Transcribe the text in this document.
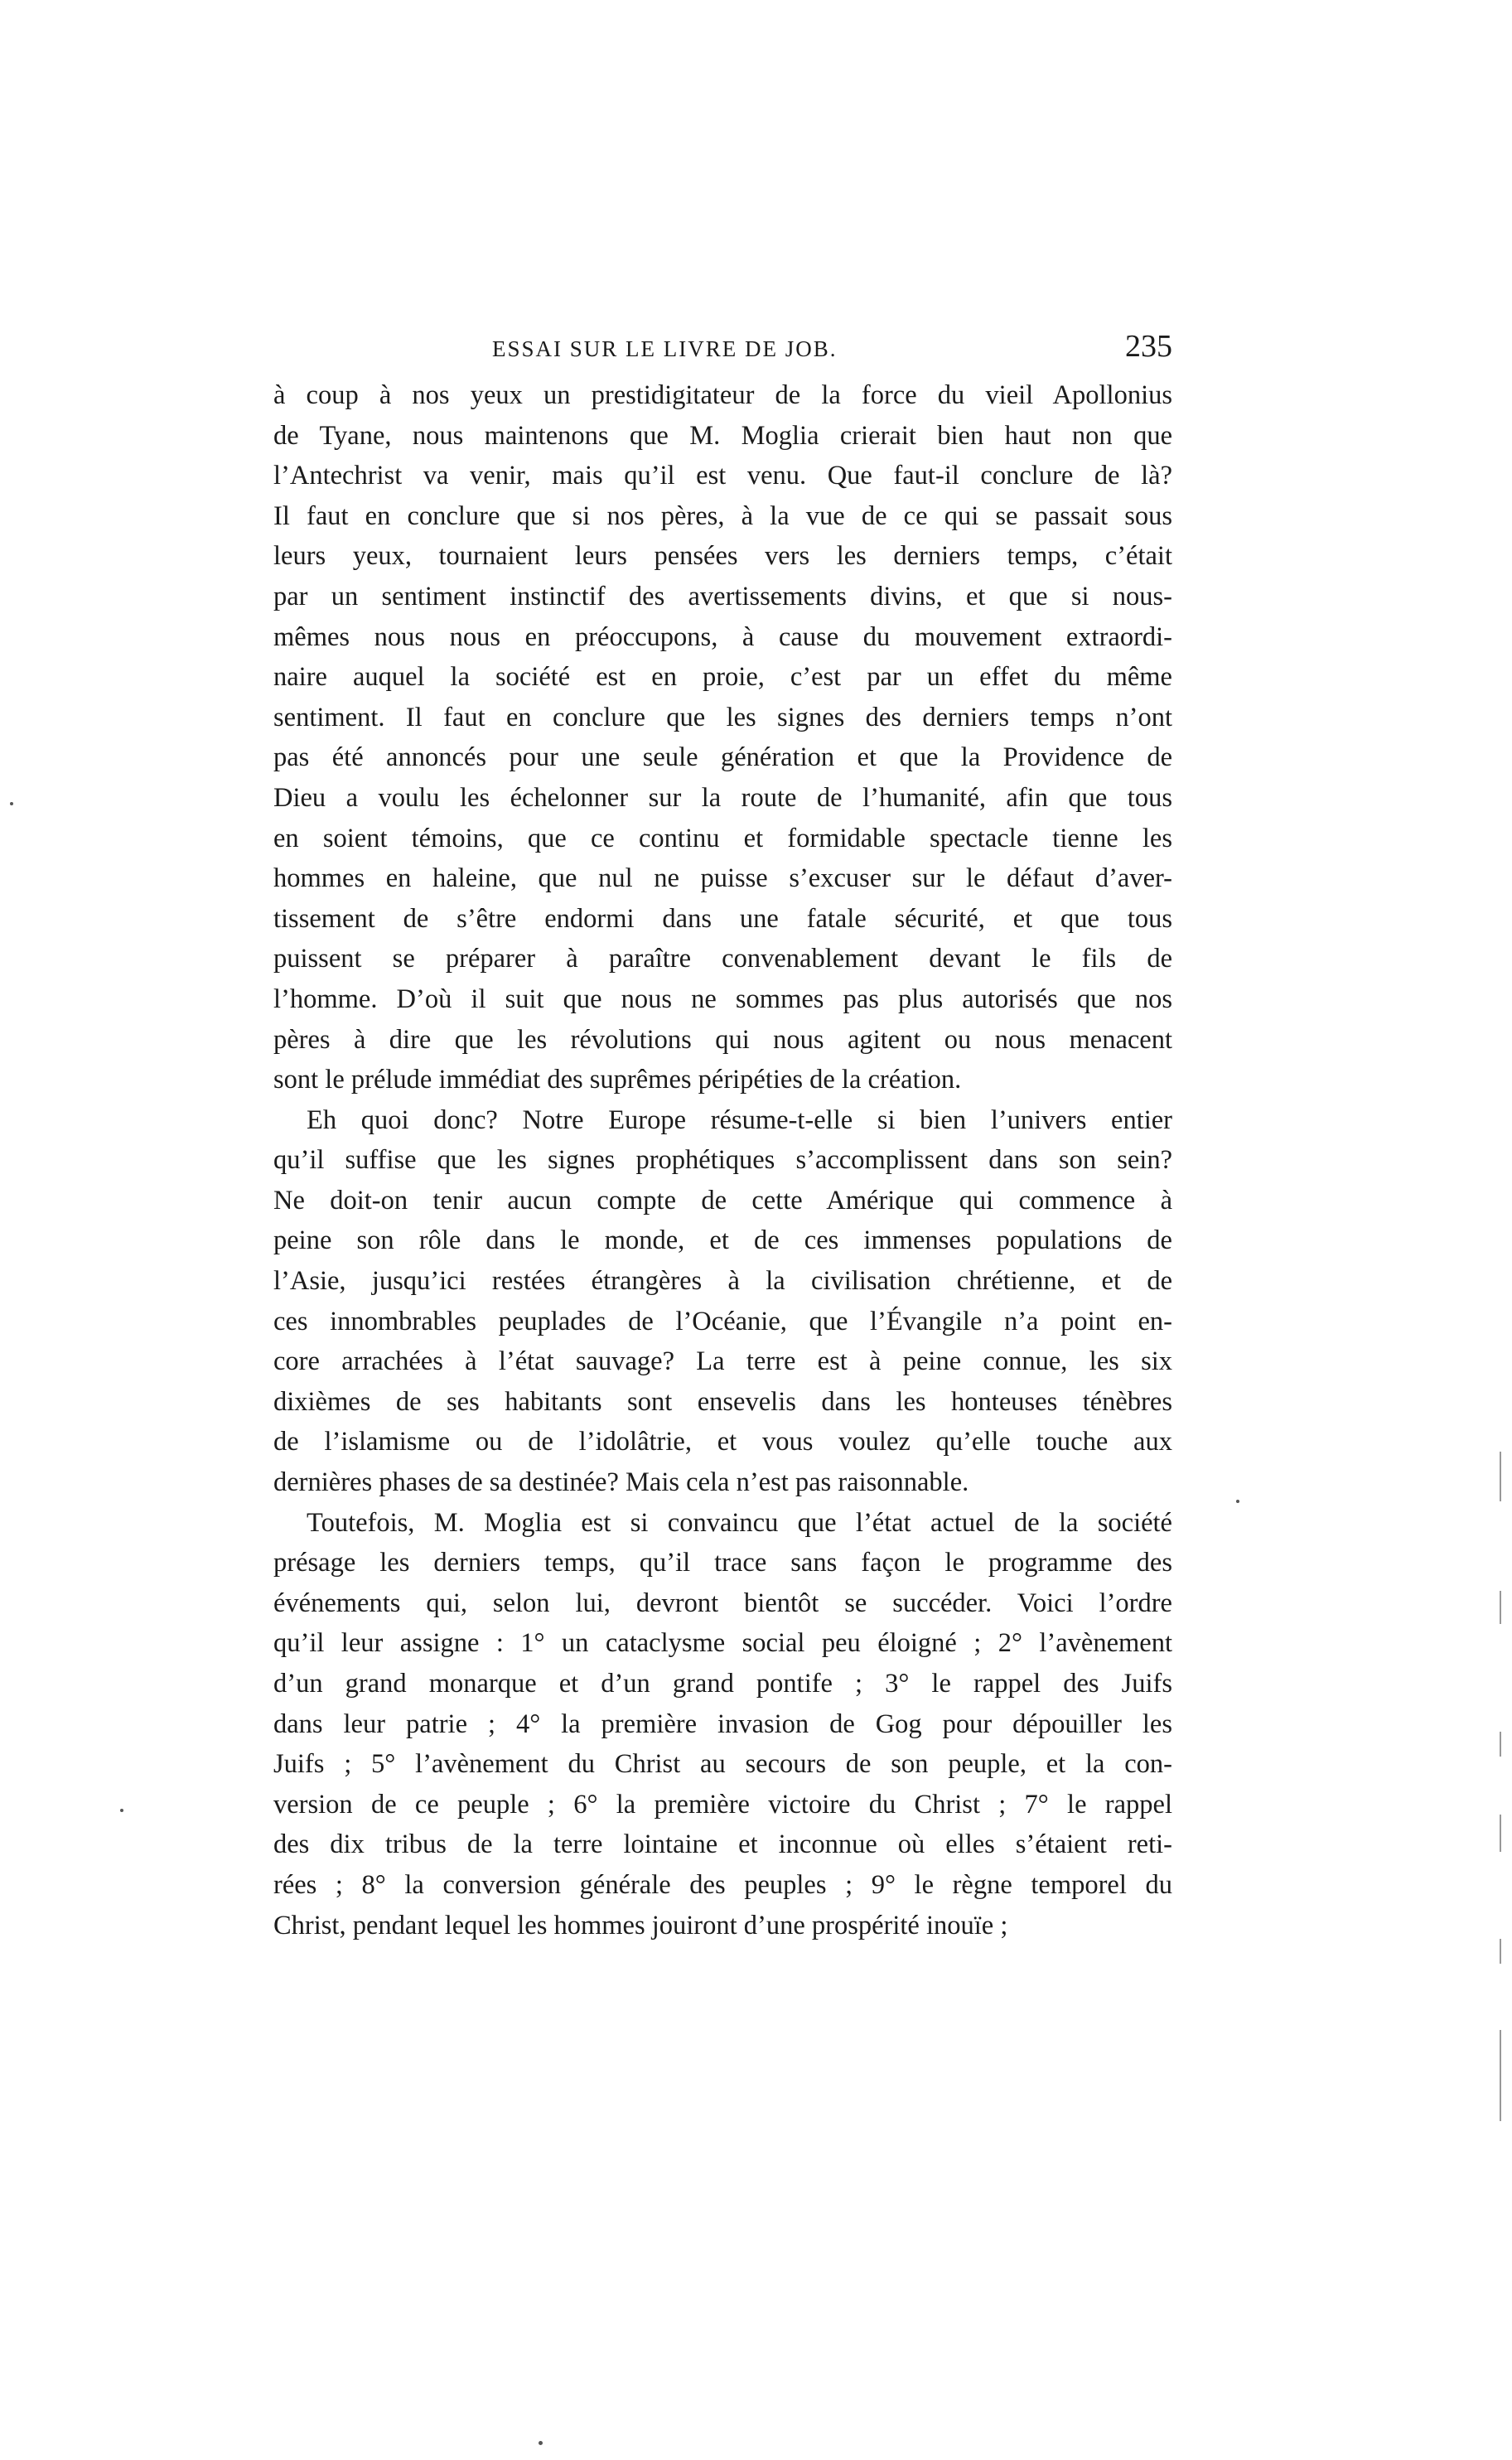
ESSAI SUR LE LIVRE DE JOB.	235
à coup à nos yeux un prestidigitateur de la force du vieil Apollonius
de Tyane, nous maintenons que M. Moglia crierait bien haut non que
l’Antechrist va venir, mais qu’il est venu. Que faut-il conclure de là?
Il faut en conclure que si nos pères, à la vue de ce qui se passait sous
leurs yeux, tournaient leurs pensées vers les derniers temps, c’était
par un sentiment instinctif des avertissements divins, et que si nous-
mêmes nous nous en préoccupons, à cause du mouvement extraordi-
naire auquel la société est en proie, c’est par un effet du même
sentiment. Il faut en conclure que les signes des derniers temps n’ont
pas été annoncés pour une seule génération et que la Providence de
Dieu a voulu les échelonner sur la route de l’humanité, afin que tous
en soient témoins, que ce continu et formidable spectacle tienne les
hommes en haleine, que nul ne puisse s’excuser sur le défaut d’aver-
tissement de s’être endormi dans une fatale sécurité, et que tous
puissent se préparer à paraître convenablement devant le fils de
l’homme. D’où il suit que nous ne sommes pas plus autorisés que nos
pères à dire que les révolutions qui nous agitent ou nous menacent
sont le prélude immédiat des suprêmes péripéties de la création.
Eh quoi donc? Notre Europe résume-t-elle si bien l’univers entier
qu’il suffise que les signes prophétiques s’accomplissent dans son sein?
Ne doit-on tenir aucun compte de cette Amérique qui commence à
peine son rôle dans le monde, et de ces immenses populations de
l’Asie, jusqu’ici restées étrangères à la civilisation chrétienne, et de
ces innombrables peuplades de l’Océanie, que l’Évangile n’a point en-
core arrachées à l’état sauvage? La terre est à peine connue, les six
dixièmes de ses habitants sont ensevelis dans les honteuses ténèbres
de l’islamisme ou de l’idolâtrie, et vous voulez qu’elle touche aux
dernières phases de sa destinée? Mais cela n’est pas raisonnable.
Toutefois, M. Moglia est si convaincu que l’état actuel de la société
présage les derniers temps, qu’il trace sans façon le programme des
événements qui, selon lui, devront bientôt se succéder. Voici l’ordre
qu’il leur assigne : 1° un cataclysme social peu éloigné ; 2° l’avènement
d’un grand monarque et d’un grand pontife ; 3° le rappel des Juifs
dans leur patrie ; 4° la première invasion de Gog pour dépouiller les
Juifs ; 5° l’avènement du Christ au secours de son peuple, et la con-
version de ce peuple ; 6° la première victoire du Christ ; 7° le rappel
des dix tribus de la terre lointaine et inconnue où elles s’étaient reti-
rées ; 8° la conversion générale des peuples ; 9° le règne temporel du
Christ, pendant lequel les hommes jouiront d’une prospérité inouïe ;
